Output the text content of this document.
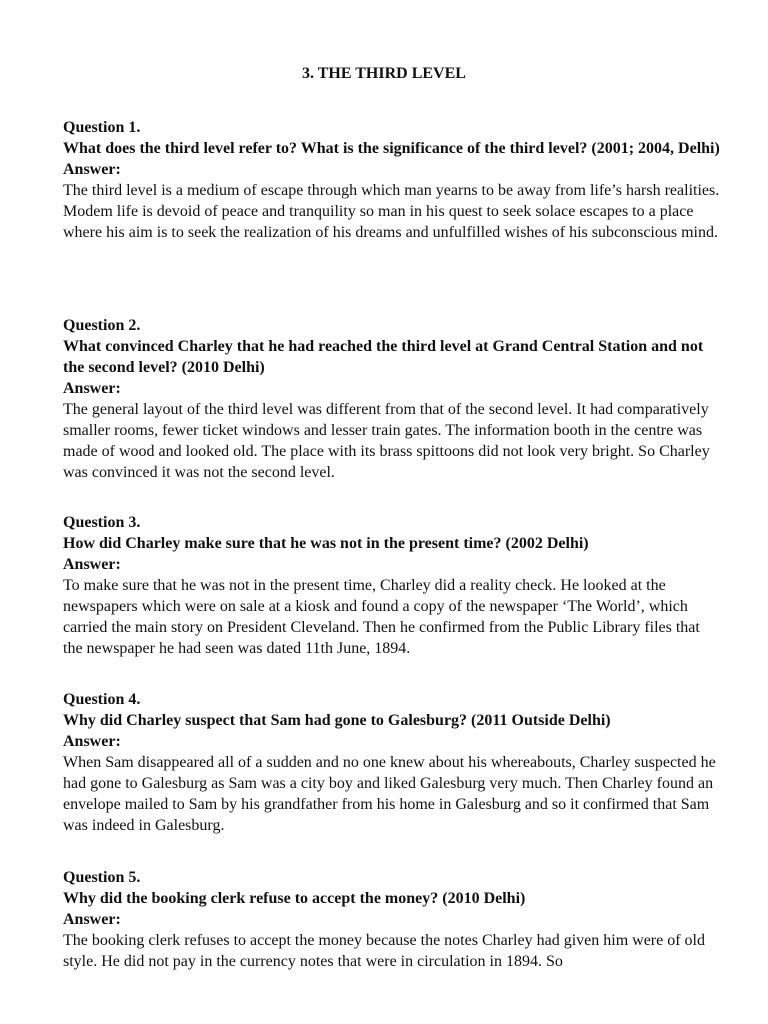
3. THE THIRD LEVEL

Question 1.

What does the third level refer to? What is the significance of the third level? (2001; 2004, Delhi)

Answer:

The third level is a medium of escape through which man yearns to be away from life’s harsh realities. Modem life is devoid of peace and tranquility so man in his quest to seek solace escapes to a place where his aim is to seek the realization of his dreams and unfulfilled wishes of his subconscious mind.

Question 2.

What convinced Charley that he had reached the third level at Grand Central Station and not the second level? (2010 Delhi)

Answer:

The general layout of the third level was different from that of the second level. It had comparatively smaller rooms, fewer ticket windows and lesser train gates. The information booth in the centre was made of wood and looked old. The place with its brass spittoons did not look very bright. So Charley was convinced it was not the second level.

Question 3.

How did Charley make sure that he was not in the present time? (2002 Delhi)

Answer:

To make sure that he was not in the present time, Charley did a reality check. He looked at the newspapers which were on sale at a kiosk and found a copy of the newspaper ‘The World’, which carried the main story on President Cleveland. Then he confirmed from the Public Library files that the newspaper he had seen was dated 11th June, 1894.

Question 4.

Why did Charley suspect that Sam had gone to Galesburg? (2011 Outside Delhi)

Answer:

When Sam disappeared all of a sudden and no one knew about his whereabouts, Charley suspected he had gone to Galesburg as Sam was a city boy and liked Galesburg very much. Then Charley found an envelope mailed to Sam by his grandfather from his home in Galesburg and so it confirmed that Sam was indeed in Galesburg.

Question 5.

Why did the booking clerk refuse to accept the money? (2010 Delhi)

Answer:

The booking clerk refuses to accept the money because the notes Charley had given him were of old style. He did not pay in the currency notes that were in circulation in 1894. So
